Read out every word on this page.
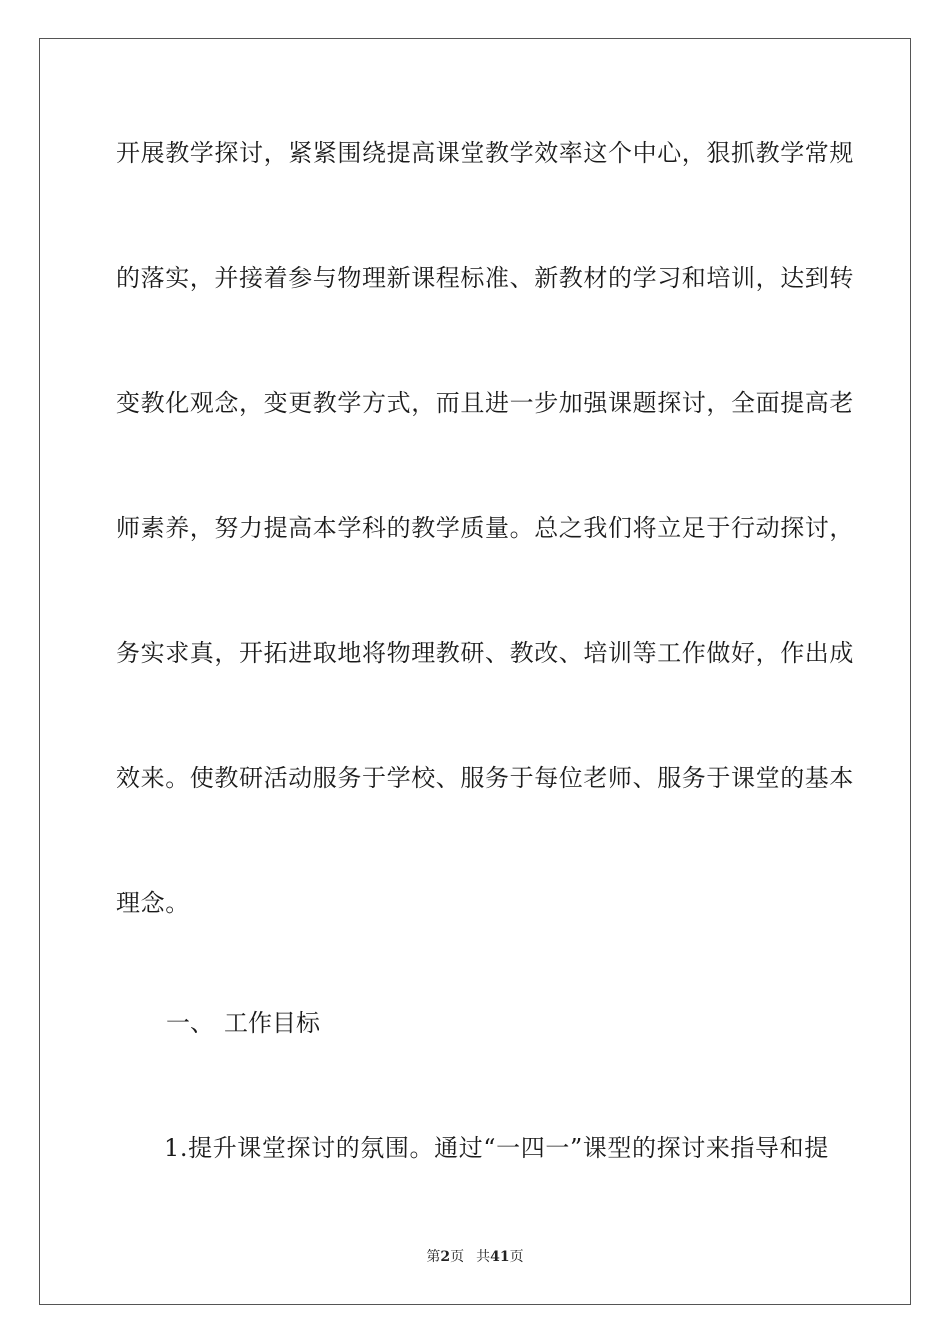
开展教学探讨，紧紧围绕提高课堂教学效率这个中心，狠抓教学常规
的落实，并接着参与物理新课程标准、新教材的学习和培训，达到转
变教化观念，变更教学方式，而且进一步加强课题探讨，全面提高老
师素养，努力提高本学科的教学质量。总之我们将立足于行动探讨，
务实求真，开拓进取地将物理教研、教改、培训等工作做好，作出成
效来。使教研活动服务于学校、服务于每位老师、服务于课堂的基本
理念。
一、 工作目标
1.提升课堂探讨的氛围。通过“一四一”课型的探讨来指导和提
第2页 共41页
